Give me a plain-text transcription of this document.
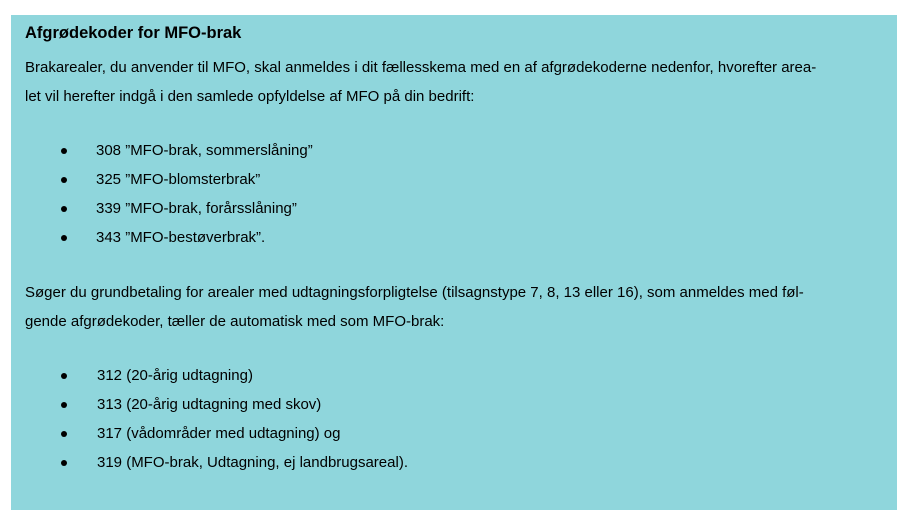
Afgrødekoder for MFO-brak
Brakarealer, du anvender til MFO, skal anmeldes i dit fællesskema med en af afgrødekoderne nedenfor, hvorefter area-
let vil herefter indgå i den samlede opfyldelse af MFO på din bedrift:
308 ”MFO-brak, sommerslåning”
325 ”MFO-blomsterbrak”
339 ”MFO-brak, forårsslåning”
343 ”MFO-bestøverbrak”.
Søger du grundbetaling for arealer med udtagningsforpligtelse (tilsagnstype 7, 8, 13 eller 16), som anmeldes med føl-
gende afgrødekoder, tæller de automatisk med som MFO-brak:
312 (20-årig udtagning)
313 (20-årig udtagning med skov)
317 (vådområder med udtagning) og
319 (MFO-brak, Udtagning, ej landbrugsareal).
